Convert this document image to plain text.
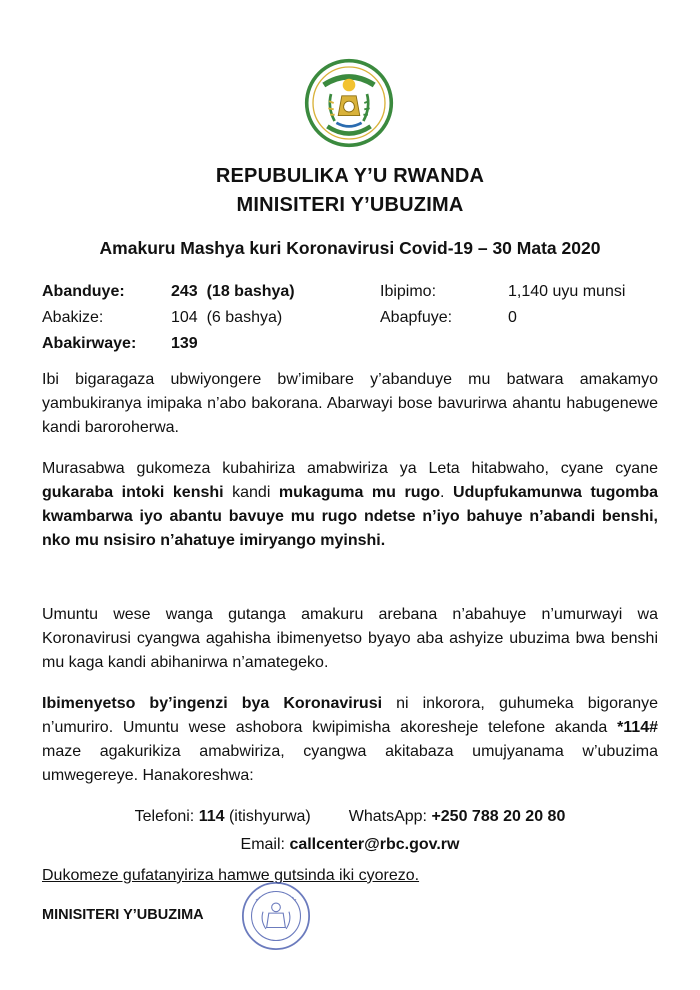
REPUBULIKA Y’U RWANDA
MINISITERI Y’UBUZIMA
Amakuru Mashya kuri Koronavirusi Covid-19 – 30 Mata 2020
Abanduye:	243 (18 bashya)	Ibipimo:	1,140 uyu munsi
Abakize:	104 (6 bashya)	Abapfuye:	0
Abakirwaye: 139
Ibi bigaragaza ubwiyongere bw’imibare y’abanduye mu batwara amakamyo yambukiranya imipaka n’abo bakorana. Abarwayi bose bavurirwa ahantu habugenewe kandi baroroherwa.
Murasabwa gukomeza kubahiriza amabwiriza ya Leta hitabwaho, cyane cyane gukaraba intoki kenshi kandi mukaguma mu rugo. Udupfukamunwa tugomba kwambarwa iyo abantu bavuye mu rugo ndetse n’iyo bahuye n’abandi benshi, nko mu nsisiro n’ahatuye imiryango myinshi.
Umuntu wese wanga gutanga amakuru arebana n’abahuye n’umurwayi wa Koronavirusi cyangwa agahisha ibimenyetso byayo aba ashyize ubuzima bwa benshi mu kaga kandi abihanirwa n’amategeko.
Ibimenyetso by’ingenzi bya Koronavirusi ni inkorora, guhumeka bigoranye n’umuriro. Umuntu wese ashobora kwipimisha akoresheje telefone akanda *114# maze agakurikiza amabwiriza, cyangwa akitabaza umujyanama w’ubuzima umwegereye. Hanakoreshwa:
Telefoni: 114 (itishyurwa) WhatsApp: +250 788 20 20 80
Email: callcenter@rbc.gov.rw
Dukomeze gufatanyiriza hamwe gutsinda iki cyorezo.
MINISITERI Y’UBUZIMA
